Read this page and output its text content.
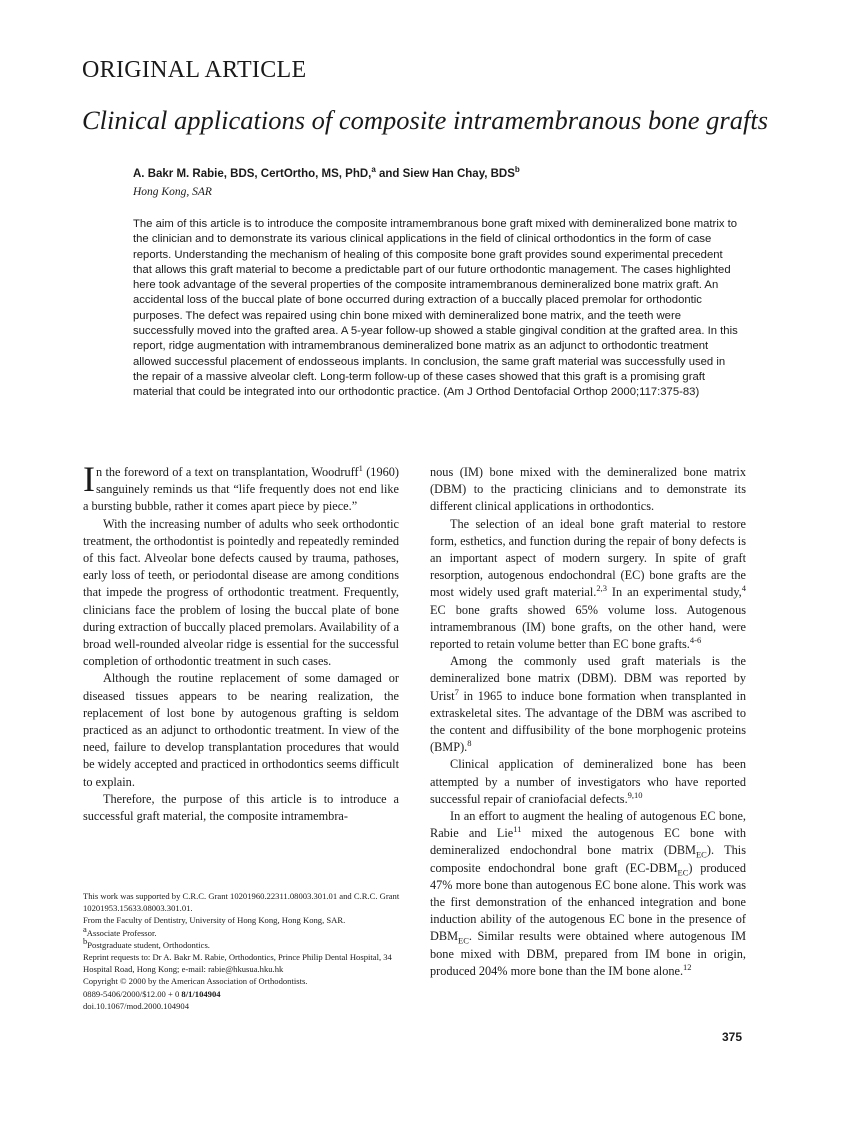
ORIGINAL ARTICLE
Clinical applications of composite intramembranous bone grafts
A. Bakr M. Rabie, BDS, CertOrtho, MS, PhD,$^a$ and Siew Han Chay, BDS$^b$
Hong Kong, SAR
The aim of this article is to introduce the composite intramembranous bone graft mixed with demineralized bone matrix to the clinician and to demonstrate its various clinical applications in the field of clinical orthodontics in the form of case reports. Understanding the mechanism of healing of this composite bone graft provides sound experimental precedent that allows this graft material to become a predictable part of our future orthodontic management. The cases highlighted here took advantage of the several properties of the composite intramembranous demineralized bone matrix graft. An accidental loss of the buccal plate of bone occurred during extraction of a buccally placed premolar for orthodontic purposes. The defect was repaired using chin bone mixed with demineralized bone matrix, and the teeth were successfully moved into the grafted area. A 5-year follow-up showed a stable gingival condition at the grafted area. In this report, ridge augmentation with intramembranous demineralized bone matrix as an adjunct to orthodontic treatment allowed successful placement of endosseous implants. In conclusion, the same graft material was successfully used in the repair of a massive alveolar cleft. Long-term follow-up of these cases showed that this graft is a promising graft material that could be integrated into our orthodontic practice. (Am J Orthod Dentofacial Orthop 2000;117:375-83)

In the foreword of a text on transplantation, Woodruff$^1$ (1960) sanguinely reminds us that “life frequently does not end like a bursting bubble, rather it comes apart piece by piece.”

With the increasing number of adults who seek orthodontic treatment, the orthodontist is pointedly and repeatedly reminded of this fact. Alveolar bone defects caused by trauma, pathoses, early loss of teeth, or periodontal disease are among conditions that impede the progress of orthodontic treatment. Frequently, clinicians face the problem of losing the buccal plate of bone during extraction of buccally placed premolars. Availability of a broad well-rounded alveolar ridge is essential for the successful completion of orthodontic treatment in such cases.

Although the routine replacement of some damaged or diseased tissues appears to be nearing realization, the replacement of lost bone by autogenous grafting is seldom practiced as an adjunct to orthodontic treatment. In view of the need, failure to develop transplantation procedures that would be widely accepted and practiced in orthodontics seems difficult to explain.

Therefore, the purpose of this article is to introduce a successful graft material, the composite intramembra-

nous (IM) bone mixed with the demineralized bone matrix (DBM) to the practicing clinicians and to demonstrate its different clinical applications in orthodontics.

The selection of an ideal bone graft material to restore form, esthetics, and function during the repair of bony defects is an important aspect of modern surgery. In spite of graft resorption, autogenous endochondral (EC) bone grafts are the most widely used graft material.$^{2,3}$ In an experimental study,$^4$ EC bone grafts showed 65% volume loss. Autogenous intramembranous (IM) bone grafts, on the other hand, were reported to retain volume better than EC bone grafts.$^{4-6}$

Among the commonly used graft materials is the demineralized bone matrix (DBM). DBM was reported by Urist$^7$ in 1965 to induce bone formation when transplanted in extraskeletal sites. The advantage of the DBM was ascribed to the content and diffusibility of the bone morphogenic proteins (BMP).$^8$

Clinical application of demineralized bone has been attempted by a number of investigators who have reported successful repair of craniofacial defects.$^{9,10}$

In an effort to augment the healing of autogenous EC bone, Rabie and Lie$^{11}$ mixed the autogenous EC bone with demineralized endochondral bone matrix $(DBM_{EC})$. This composite endochondral bone graft $(EC-DBM_{EC})$ produced 47% more bone than autogenous EC bone alone. This work was the first demonstration of the enhanced integration and bone induction ability of the autogenous EC bone in the presence of $DBM_{EC}$. Similar results were obtained where autogenous IM bone mixed with DBM, prepared from IM bone in origin, produced 204% more bone than the IM bone alone.$^{12}$

This work was supported by C.R.C. Grant 10201960.22311.08003.301.01 and C.R.C. Grant 10201953.15633.08003.301.01.
From the Faculty of Dentistry, University of Hong Kong, Hong Kong, SAR.
$^a$Associate Professor.
$^b$Postgraduate student, Orthodontics.
Reprint requests to: Dr A. Bakr M. Rabie, Orthodontics, Prince Philip Dental Hospital, 34 Hospital Road, Hong Kong; e-mail: rabie@hkusua.hku.hk
Copyright © 2000 by the American Association of Orthodontists.
0889-5406/2000/$12.00 + 0 8/1/104904
doi.10.1067/mod.2000.104904
375
